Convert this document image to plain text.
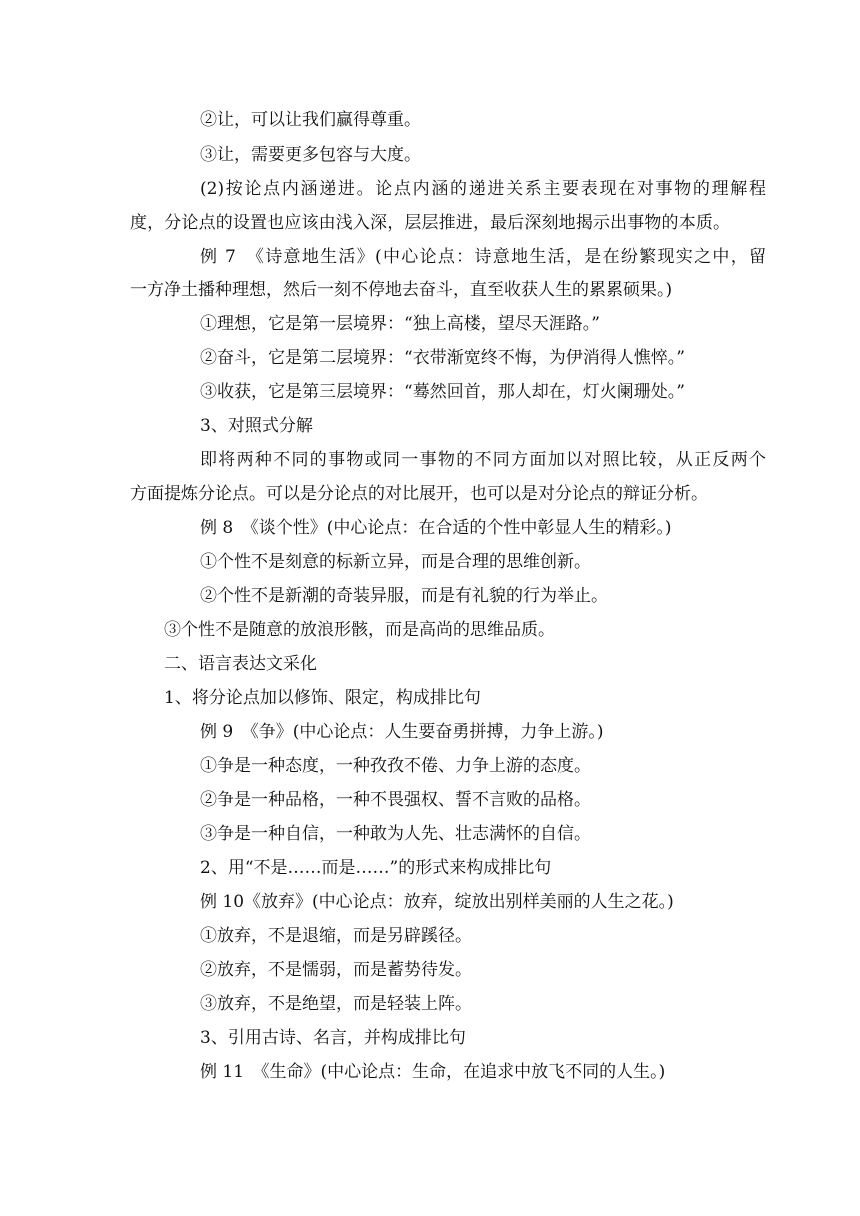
②让，可以让我们赢得尊重。
③让，需要更多包容与大度。
(2)按论点内涵递进。论点内涵的递进关系主要表现在对事物的理解程
度，分论点的设置也应该由浅入深，层层推进，最后深刻地揭示出事物的本质。
例 7　《诗意地生活》(中心论点：诗意地生活，是在纷繁现实之中，留
一方净土播种理想，然后一刻不停地去奋斗，直至收获人生的累累硕果。)
①理想，它是第一层境界：“独上高楼，望尽天涯路。”
②奋斗，它是第二层境界：“衣带渐宽终不悔，为伊消得人憔悴。”
③收获，它是第三层境界：“蓦然回首，那人却在，灯火阑珊处。”
3、对照式分解
即将两种不同的事物或同一事物的不同方面加以对照比较，从正反两个
方面提炼分论点。可以是分论点的对比展开，也可以是对分论点的辩证分析。
例 8　《谈个性》(中心论点：在合适的个性中彰显人生的精彩。)
①个性不是刻意的标新立异，而是合理的思维创新。
②个性不是新潮的奇装异服，而是有礼貌的行为举止。
③个性不是随意的放浪形骸，而是高尚的思维品质。
二、语言表达文采化
1、将分论点加以修饰、限定，构成排比句
例 9　《争》(中心论点：人生要奋勇拼搏，力争上游。)
①争是一种态度，一种孜孜不倦、力争上游的态度。
②争是一种品格，一种不畏强权、誓不言败的品格。
③争是一种自信，一种敢为人先、壮志满怀的自信。
2、用“不是……而是……”的形式来构成排比句
例 10《放弃》(中心论点：放弃，绽放出别样美丽的人生之花。)
①放弃，不是退缩，而是另辟蹊径。
②放弃，不是懦弱，而是蓄势待发。
③放弃，不是绝望，而是轻装上阵。
3、引用古诗、名言，并构成排比句
例 11　《生命》(中心论点：生命，在追求中放飞不同的人生。)
